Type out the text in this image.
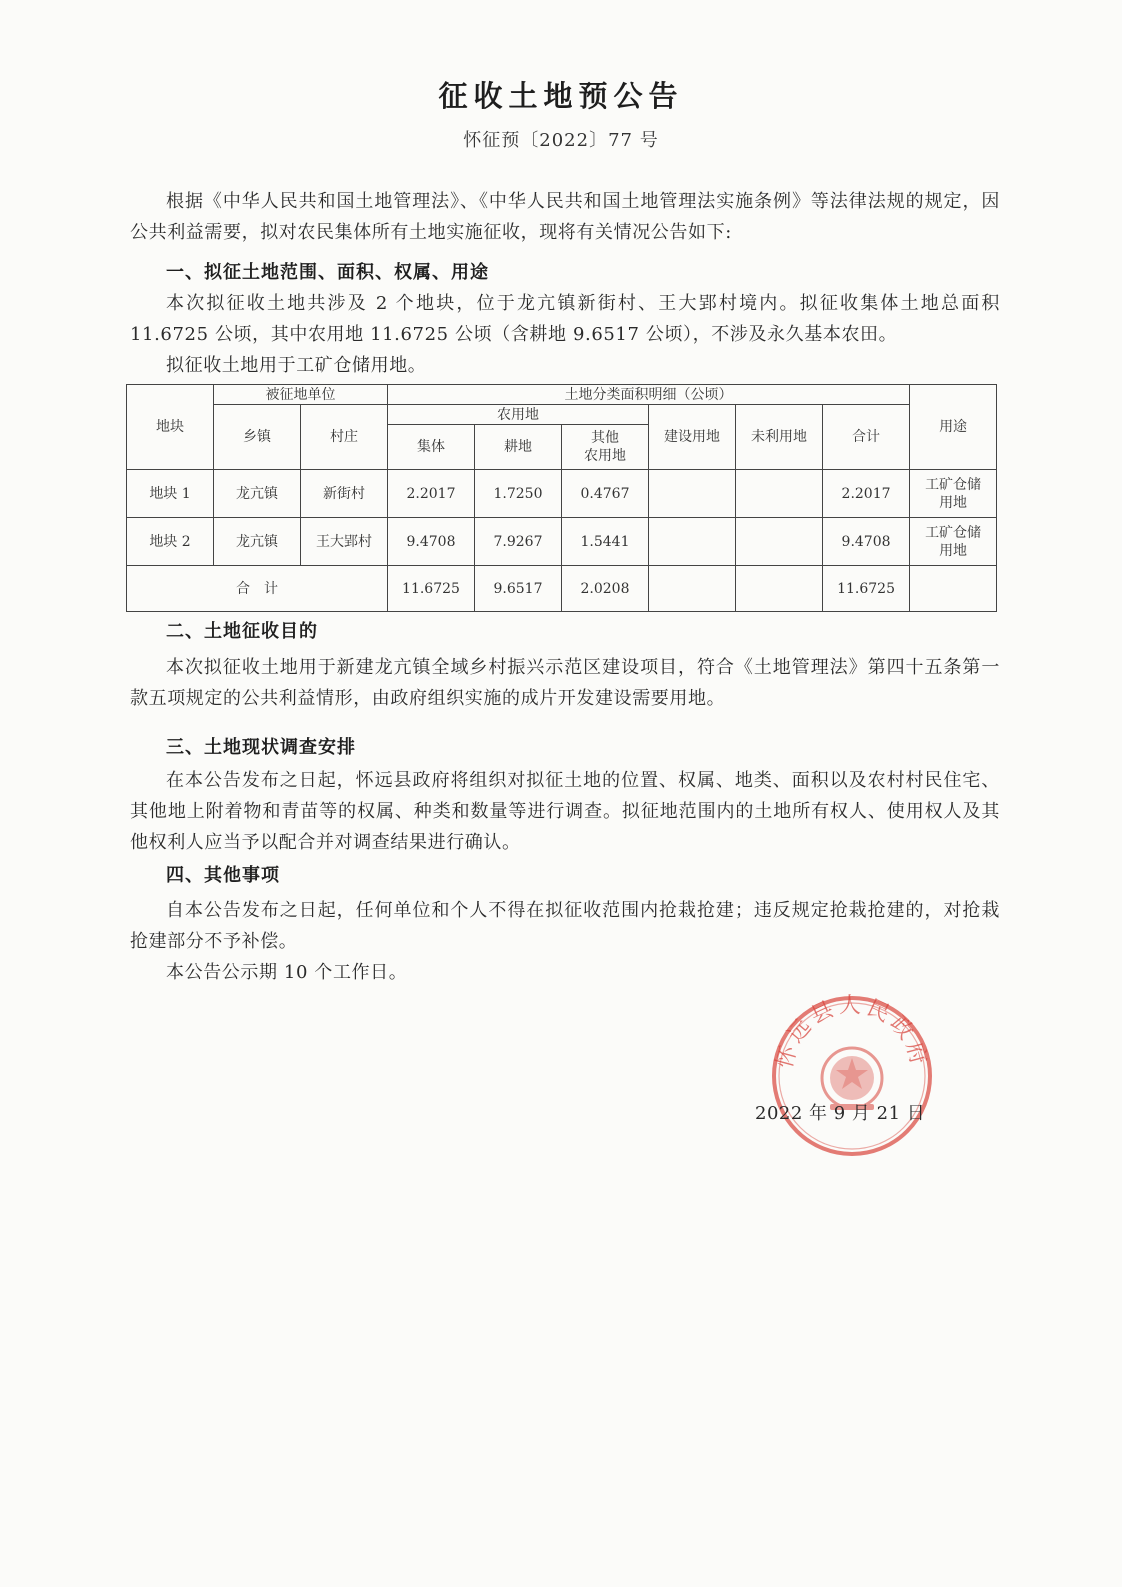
征收土地预公告
怀征预〔2022〕77 号

根据《中华人民共和国土地管理法》、《中华人民共和国土地管理法实施条例》等法律法规的规定，因公共利益需要，拟对农民集体所有土地实施征收，现将有关情况公告如下:

一、拟征土地范围、面积、权属、用途

本次拟征收土地共涉及 2 个地块，位于龙亢镇新街村、王大郢村境内。拟征收集体土地总面积 11.6725 公顷，其中农用地 11.6725 公顷（含耕地 9.6517 公顷），不涉及永久基本农田。

拟征收土地用于工矿仓储用地。

地块	被征地单位		土地分类面积明细（公顷）						用途
	乡镇	村庄	农用地			建设用地	未利用地	合计	
			集体	耕地	其他
农用地				

地块 1	龙亢镇	新街村	2.2017	1.7250	0.4767			2.2017	工矿仓储
用地

地块 2	龙亢镇	王大郢村	9.4708	7.9267	1.5441			9.4708	工矿仓储
用地

合　计			11.6725	9.6517	2.0208			11.6725	
二、土地征收目的

本次拟征收土地用于新建龙亢镇全域乡村振兴示范区建设项目，符合《土地管理法》第四十五条第一款五项规定的公共利益情形，由政府组织实施的成片开发建设需要用地。

三、土地现状调查安排

在本公告发布之日起，怀远县政府将组织对拟征土地的位置、权属、地类、面积以及农村村民住宅、其他地上附着物和青苗等的权属、种类和数量等进行调查。拟征地范围内的土地所有权人、使用权人及其他权利人应当予以配合并对调查结果进行确认。

四、其他事项

自本公告发布之日起，任何单位和个人不得在拟征收范围内抢栽抢建；违反规定抢栽抢建的，对抢栽抢建部分不予补偿。

本公告公示期 10 个工作日。

怀远县人民政府
2022 年 9 月 21 日
